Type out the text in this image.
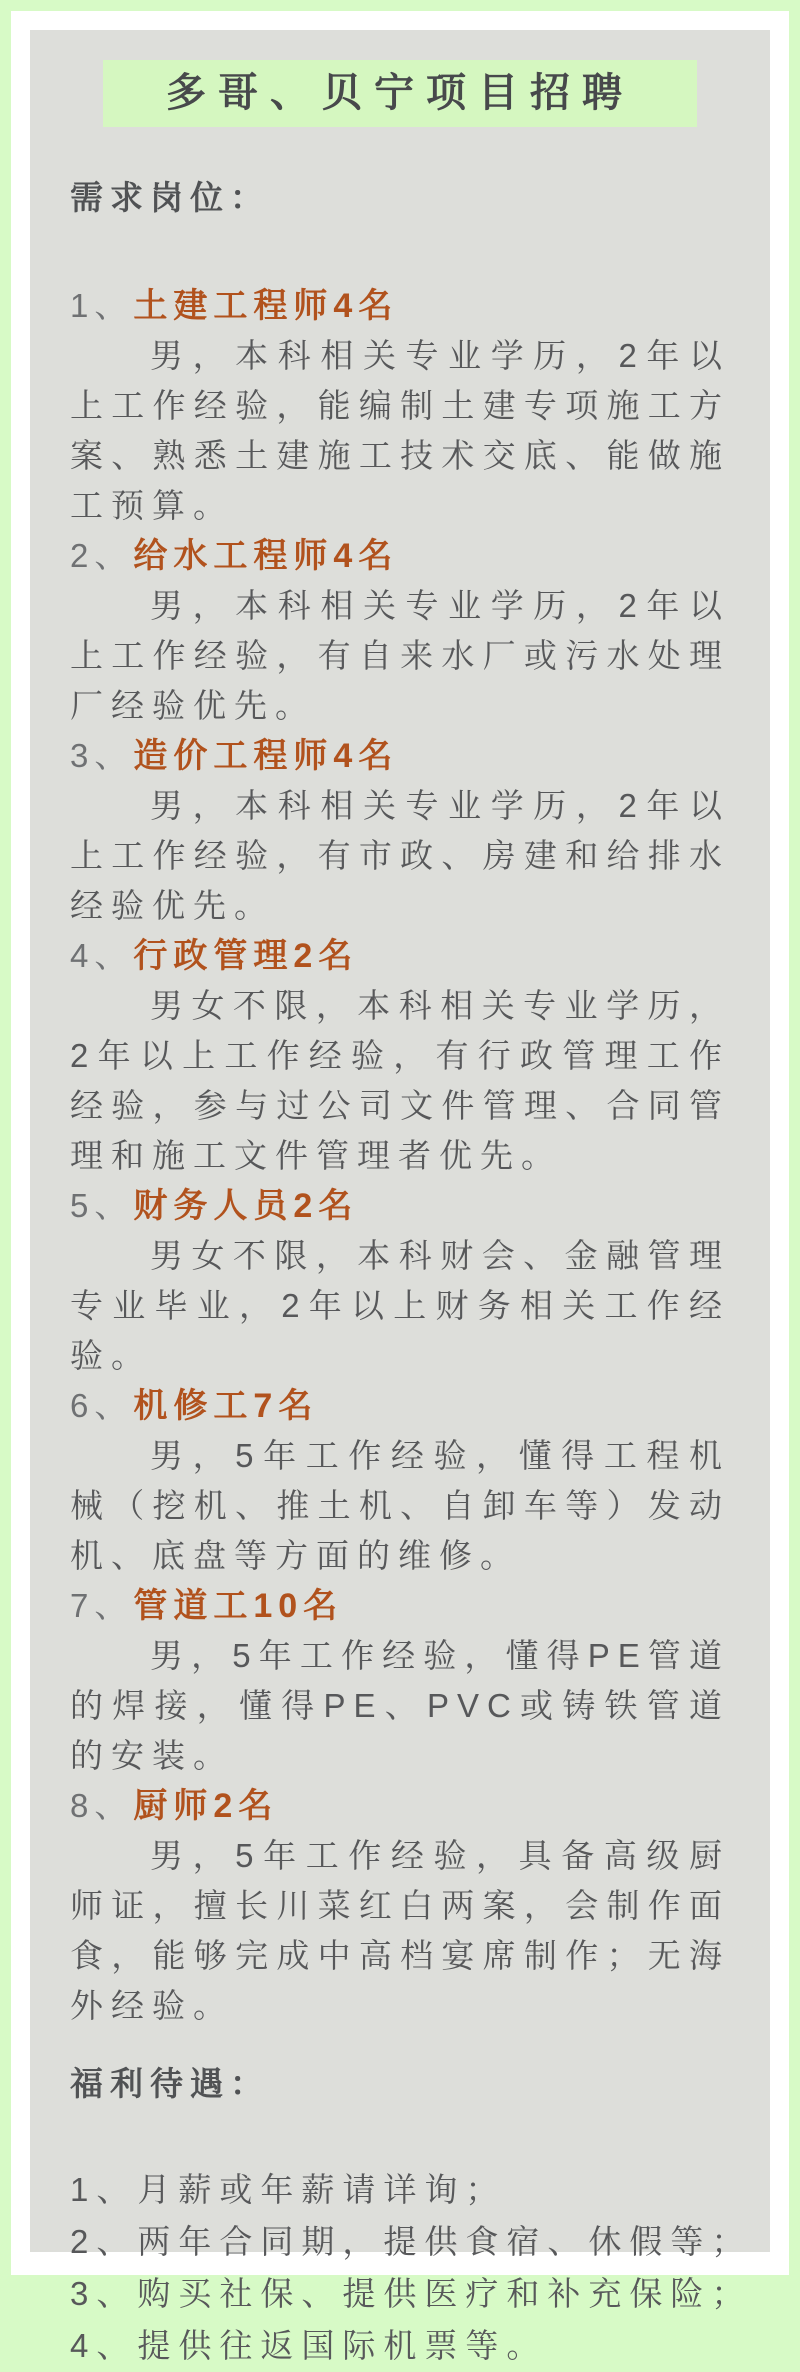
多哥、贝宁项目招聘
需求岗位：
1、土建工程师4名

男，本科相关专业学历，2年以上工作经验，能编制土建专项施工方案、熟悉土建施工技术交底、能做施工预算。

2、给水工程师4名

男，本科相关专业学历，2年以上工作经验，有自来水厂或污水处理厂经验优先。

3、造价工程师4名

男，本科相关专业学历，2年以上工作经验，有市政、房建和给排水经验优先。

4、行政管理2名

男女不限，本科相关专业学历，2年以上工作经验，有行政管理工作经验，参与过公司文件管理、合同管理和施工文件管理者优先。

5、财务人员2名

男女不限，本科财会、金融管理专业毕业，2年以上财务相关工作经验。

6、机修工7名

男，5年工作经验，懂得工程机械（挖机、推土机、自卸车等）发动机、底盘等方面的维修。

7、管道工10名

男，5年工作经验，懂得PE管道的焊接，懂得PE、PVC或铸铁管道的安装。

8、厨师2名

男，5年工作经验，具备高级厨师证，擅长川菜红白两案，会制作面食，能够完成中高档宴席制作；无海外经验。

福利待遇：
1、月薪或年薪请详询；
2、两年合同期，提供食宿、休假等；
3、购买社保、提供医疗和补充保险；
4、提供往返国际机票等。
